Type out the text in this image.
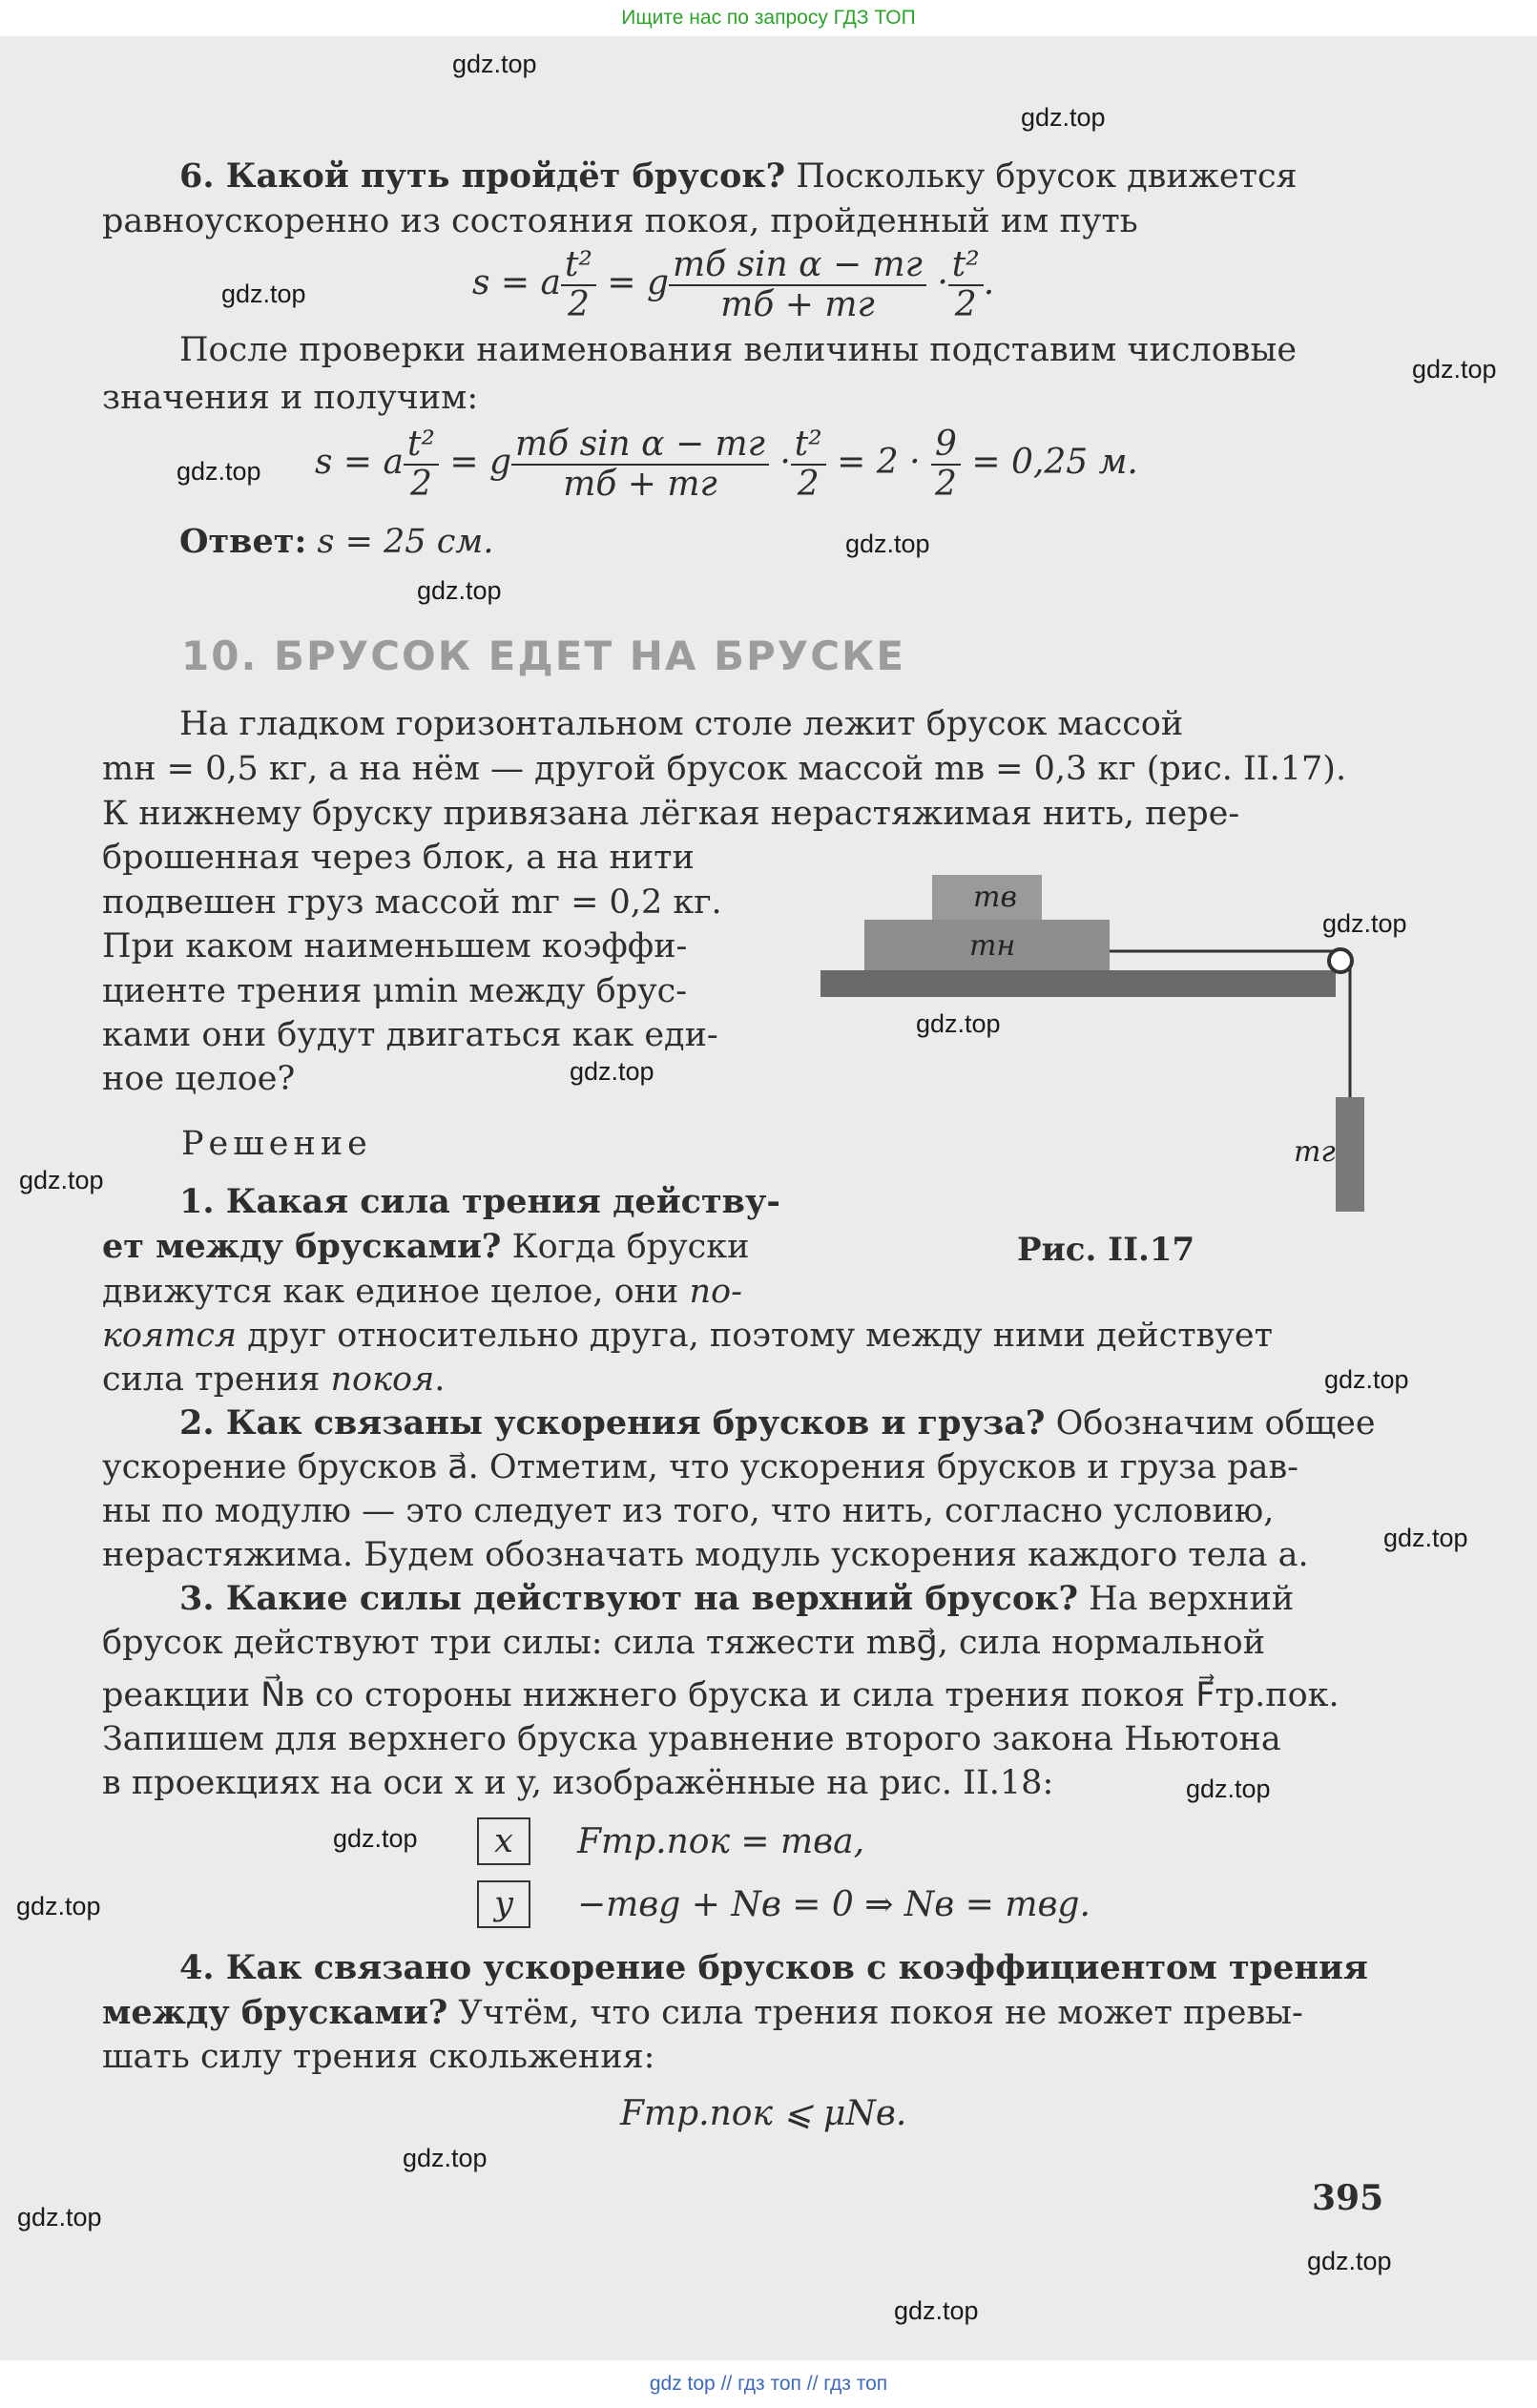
Ищите нас по запросу ГДЗ ТОП
6. Какой путь пройдёт брусок? Поскольку брусок движется
равноускоренно из состояния покоя, пройденный им путь
s = a $\frac{\text{t²}}{2} = g \frac{\text{mб sin α − mг}}{mб + mг} \cdot \frac{\text{t²}}{2}$ .
После проверки наименования величины подставим числовые
значения и получим:
s = a $\frac{\text{t²}}{2} = g \frac{\text{mб sin α − mг}}{mб + mг} \cdot \frac{\text{t²}}{2} = 2 \cdot \frac{9}{2} = 0,25$ м.
Ответ: s = 25 см.
10. БРУСОК ЕДЕТ НА БРУСКЕ
На гладком горизонтальном столе лежит брусок массой
mн = 0,5 кг, а на нём — другой брусок массой mв = 0,3 кг (рис. II.17).
К нижнему бруску привязана лёгкая нерастяжимая нить, пере-
брошенная через блок, а на нити
подвешен груз массой mг = 0,2 кг.
При каком наименьшем коэффи-
циенте трения μmin между брус-
ками они будут двигаться как еди-
ное целое?
Решение
mв
mн
mг
Рис. II.17
1. Какая сила трения действу-
ет между брусками? Когда бруски
движутся как единое целое, они по-
коятся друг относительно друга, поэтому между ними действует
сила трения покоя.
2. Как связаны ускорения брусков и груза? Обозначим общее
ускорение брусков a⃗. Отметим, что ускорения брусков и груза рав-
ны по модулю — это следует из того, что нить, согласно условию,
нерастяжима. Будем обозначать модуль ускорения каждого тела a.
3. Какие силы действуют на верхний брусок? На верхний
брусок действуют три силы: сила тяжести mвg⃗, сила нормальной
реакции N⃗в со стороны нижнего бруска и сила трения покоя F⃗тр.пок.
Запишем для верхнего бруска уравнение второго закона Ньютона
в проекциях на оси x и y, изображённые на рис. II.18:
x	Fтр.пок = mвa,
y	−mвg + Nв = 0 ⇒ Nв = mвg.
4. Как связано ускорение брусков с коэффициентом трения
между брусками? Учтём, что сила трения покоя не может превы-
шать силу трения скольжения:
Fтр.пок ⩽ μNв.
395
gdz.top
gdz.top
gdz.top
gdz.top
gdz.top
gdz.top
gdz.top
gdz.top
gdz.top
gdz.top
gdz.top
gdz.top
gdz.top
gdz.top
gdz.top
gdz.top
gdz.top
gdz.top
gdz.top
gdz.top
gdz top // гдз топ // гдз топ
